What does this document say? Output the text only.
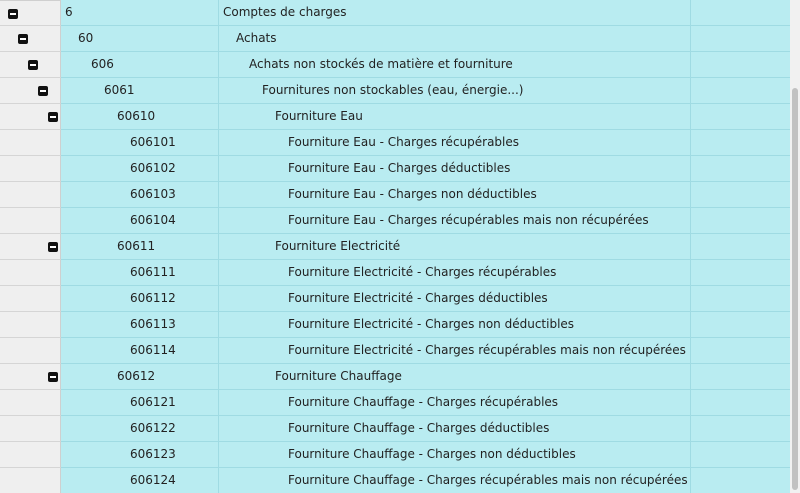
6	Comptes de charges
60	Achats
606	Achats non stockés de matière et fourniture
6061	Fournitures non stockables (eau, énergie...)
60610	Fourniture Eau
606101	Fourniture Eau - Charges récupérables
606102	Fourniture Eau - Charges déductibles
606103	Fourniture Eau - Charges non déductibles
606104	Fourniture Eau - Charges récupérables mais non récupérées
60611	Fourniture Electricité
606111	Fourniture Electricité - Charges récupérables
606112	Fourniture Electricité - Charges déductibles
606113	Fourniture Electricité - Charges non déductibles
606114	Fourniture Electricité - Charges récupérables mais non récupérées
60612	Fourniture Chauffage
606121	Fourniture Chauffage - Charges récupérables
606122	Fourniture Chauffage - Charges déductibles
606123	Fourniture Chauffage - Charges non déductibles
606124	Fourniture Chauffage - Charges récupérables mais non récupérées
